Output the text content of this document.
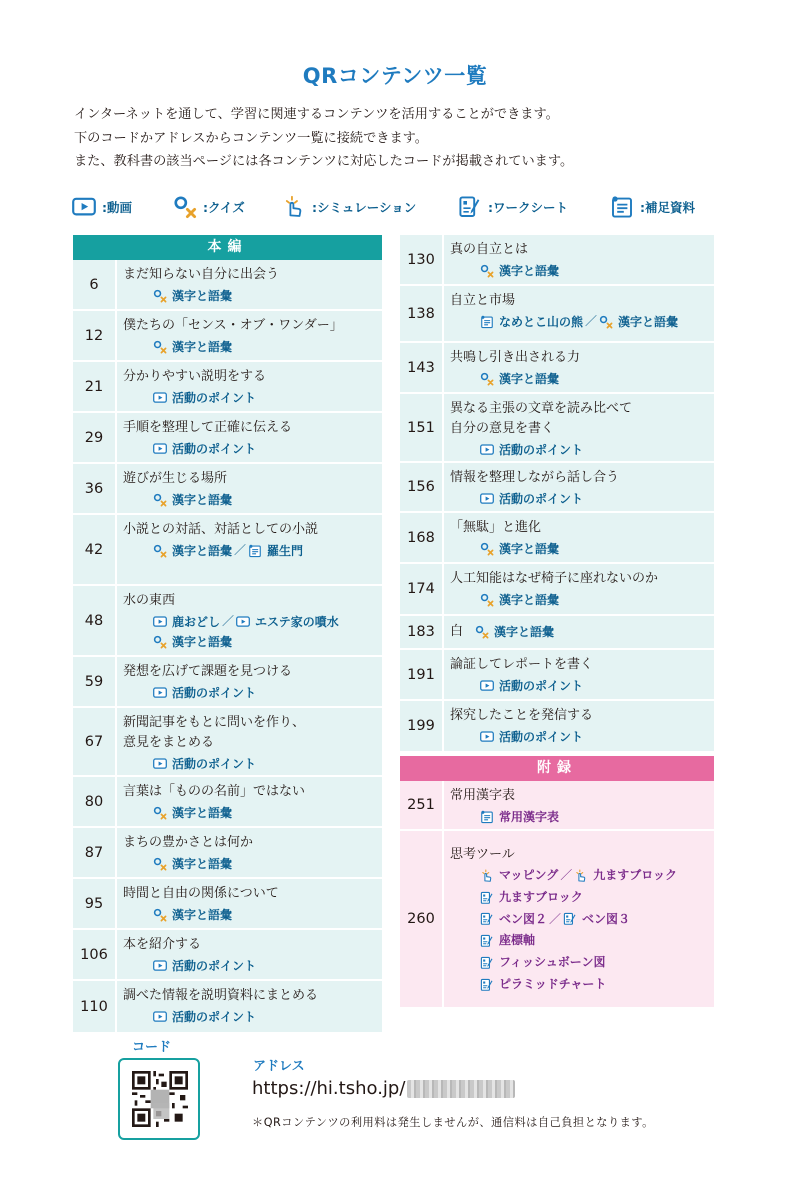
QRコンテンツ一覧
インターネットを通して、学習に関連するコンテンツを活用することができます。
下のコードかアドレスからコンテンツ一覧に接続できます。
また、教科書の該当ページには各コンテンツに対応したコードが掲載されています。
:動画	:クイズ	:シミュレーション	:ワークシート	:補足資料
本編
6
まだ知らない自分に出会う
漢字と語彙
12
僕たちの「センス・オブ・ワンダー」
漢字と語彙
21
分かりやすい説明をする
活動のポイント
29
手順を整理して正確に伝える
活動のポイント
36
遊びが生じる場所
漢字と語彙
42
小説との対話、対話としての小説
漢字と語彙 ／ 羅生門
48
水の東西
鹿おどし ／ エステ家の噴水
漢字と語彙
59
発想を広げて課題を見つける
活動のポイント
67
新聞記事をもとに問いを作り、
意見をまとめる
活動のポイント
80
言葉は「ものの名前」ではない
漢字と語彙
87
まちの豊かさとは何か
漢字と語彙
95
時間と自由の関係について
漢字と語彙
106
本を紹介する
活動のポイント
110
調べた情報を説明資料にまとめる
活動のポイント
130
真の自立とは
漢字と語彙
138
自立と市場
なめとこ山の熊 ／ 漢字と語彙
143
共鳴し引き出される力
漢字と語彙
151
異なる主張の文章を読み比べて
自分の意見を書く
活動のポイント
156
情報を整理しながら話し合う
活動のポイント
168
「無駄」と進化
漢字と語彙
174
人工知能はなぜ椅子に座れないのか
漢字と語彙
183	白	漢字と語彙
191
論証してレポートを書く
活動のポイント
199
探究したことを発信する
活動のポイント
附録
251
常用漢字表
常用漢字表
260
思考ツール
マッピング ／ 九ますブロック
九ますブロック
ベン図２ ／ ベン図３
座標軸
フィッシュボーン図
ピラミッドチャート
コード
アドレス
https://hi.tsho.jp/
＊QRコンテンツの利用料は発生しませんが、通信料は自己負担となります。
